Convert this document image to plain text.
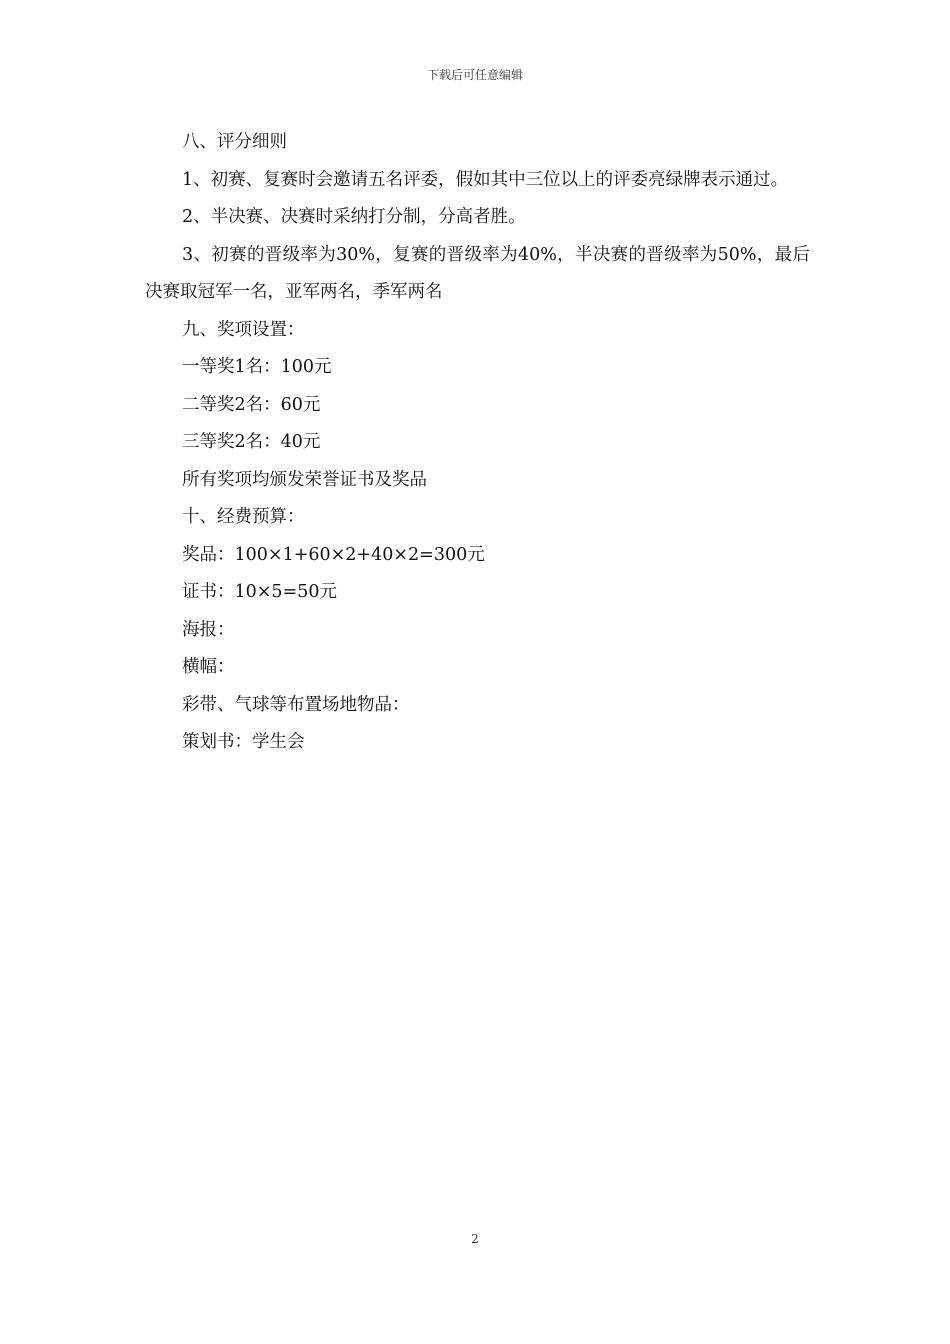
下载后可任意编辑
八、评分细则
1、初赛、复赛时会邀请五名评委，假如其中三位以上的评委亮绿牌表示通过。
2、半决赛、决赛时采纳打分制，分高者胜。
3、初赛的晋级率为30%，复赛的晋级率为40%，半决赛的晋级率为50%，最后决赛取冠军一名，亚军两名，季军两名
九、奖项设置：
一等奖1名：100元
二等奖2名：60元
三等奖2名：40元
所有奖项均颁发荣誉证书及奖品
十、经费预算：
奖品：100×1+60×2+40×2=300元
证书：10×5=50元
海报：
横幅：
彩带、气球等布置场地物品：
策划书：学生会
2
